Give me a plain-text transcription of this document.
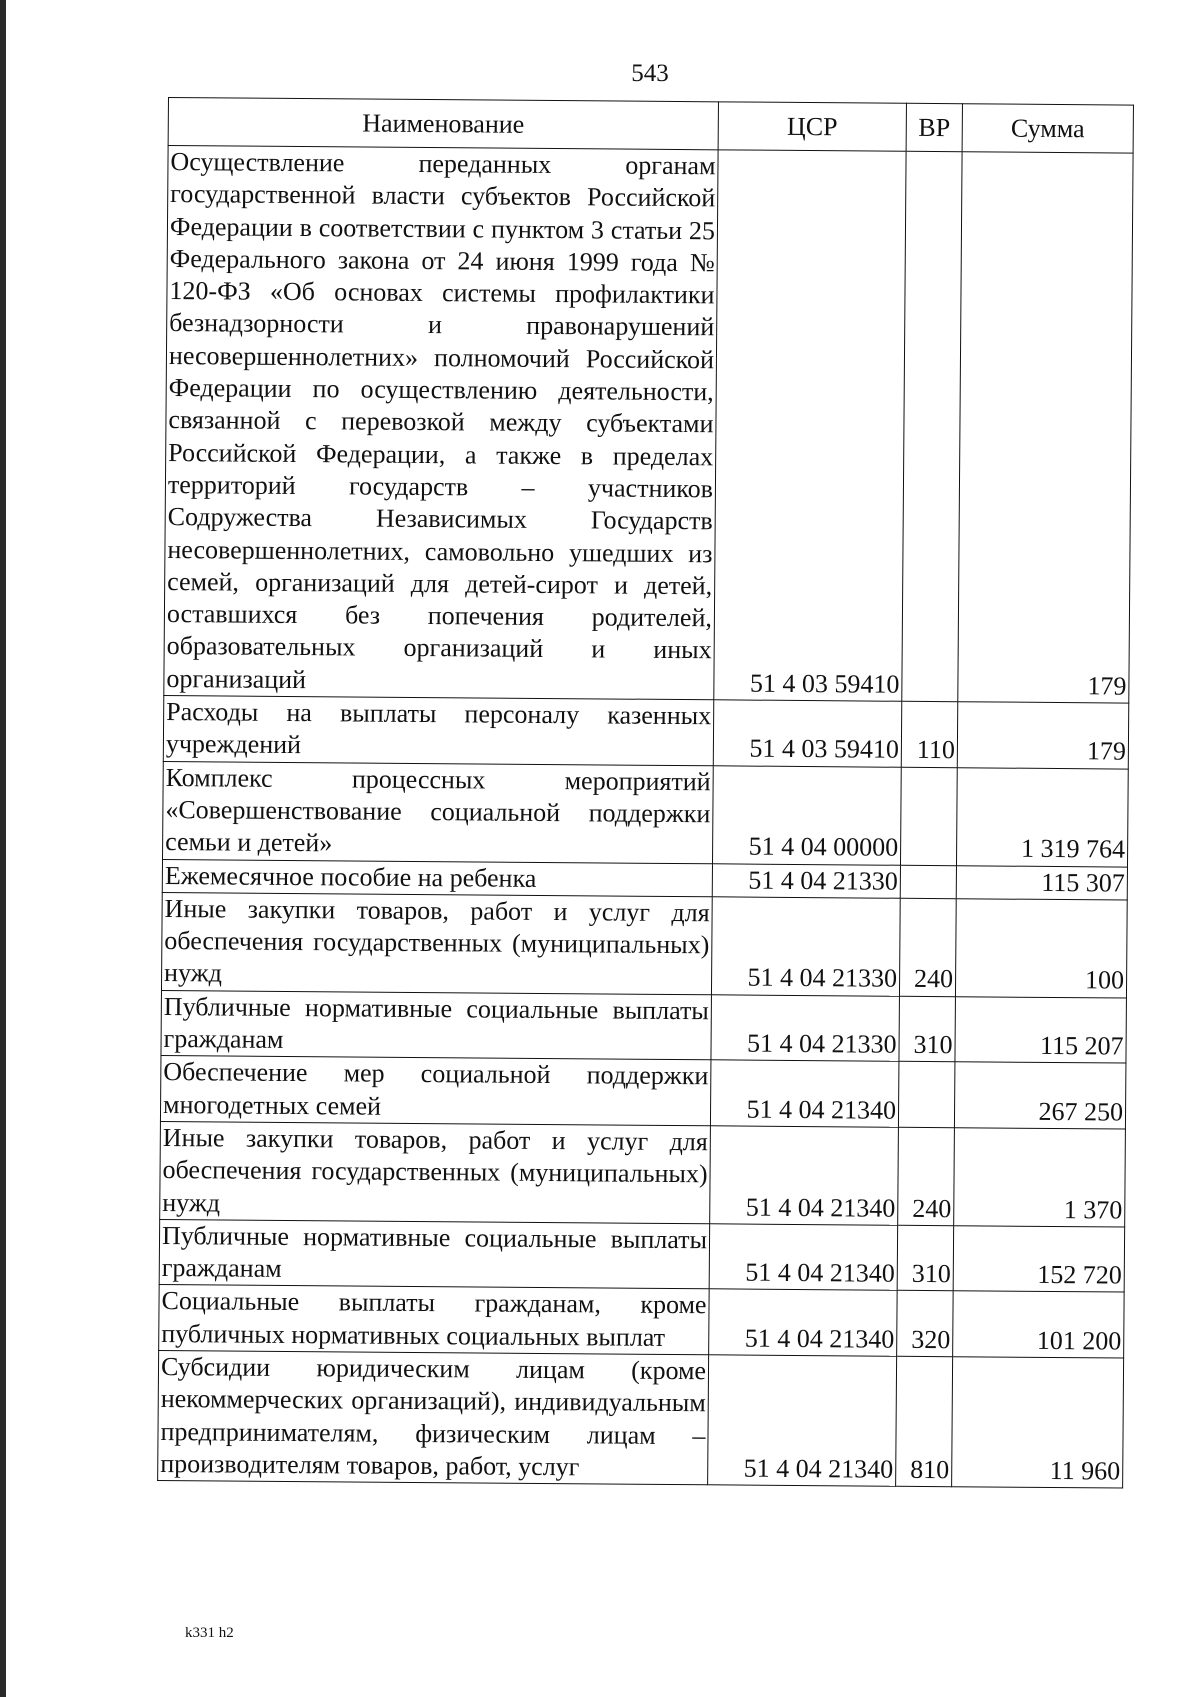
543
Наименование	ЦСР	ВР	Сумма
Осуществление переданных органам государственной власти субъектов Российской Федерации в соответствии с пунктом 3 статьи 25 Федерального закона от 24 июня 1999 года № 120-ФЗ «Об основах системы профилактики безнадзорности и правонарушений несовершеннолетних» полномочий Российской Федерации по осуществлению деятельности, связанной с перевозкой между субъектами Российской Федерации, а также в пределах территорий государств – участников Содружества Независимых Государств несовершеннолетних, самовольно ушедших из семей, организаций для детей-сирот и детей, оставшихся без попечения родителей, образовательных организаций и иных организаций	51 4 03 59410		179
Расходы на выплаты персоналу казенных учреждений	51 4 03 59410	110	179
Комплекс процессных мероприятий «Совершенствование социальной поддержки семьи и детей»	51 4 04 00000		1 319 764
Ежемесячное пособие на ребенка	51 4 04 21330		115 307
Иные закупки товаров, работ и услуг для обеспечения государственных (муниципальных) нужд	51 4 04 21330	240	100
Публичные нормативные социальные выплаты гражданам	51 4 04 21330	310	115 207
Обеспечение мер социальной поддержки многодетных семей	51 4 04 21340		267 250
Иные закупки товаров, работ и услуг для обеспечения государственных (муниципальных) нужд	51 4 04 21340	240	1 370
Публичные нормативные социальные выплаты гражданам	51 4 04 21340	310	152 720
Социальные выплаты гражданам, кроме публичных нормативных социальных выплат	51 4 04 21340	320	101 200
Субсидии юридическим лицам (кроме некоммерческих организаций), индивидуальным предпринимателям, физическим лицам – производителям товаров, работ, услуг	51 4 04 21340	810	11 960
k331 h2
